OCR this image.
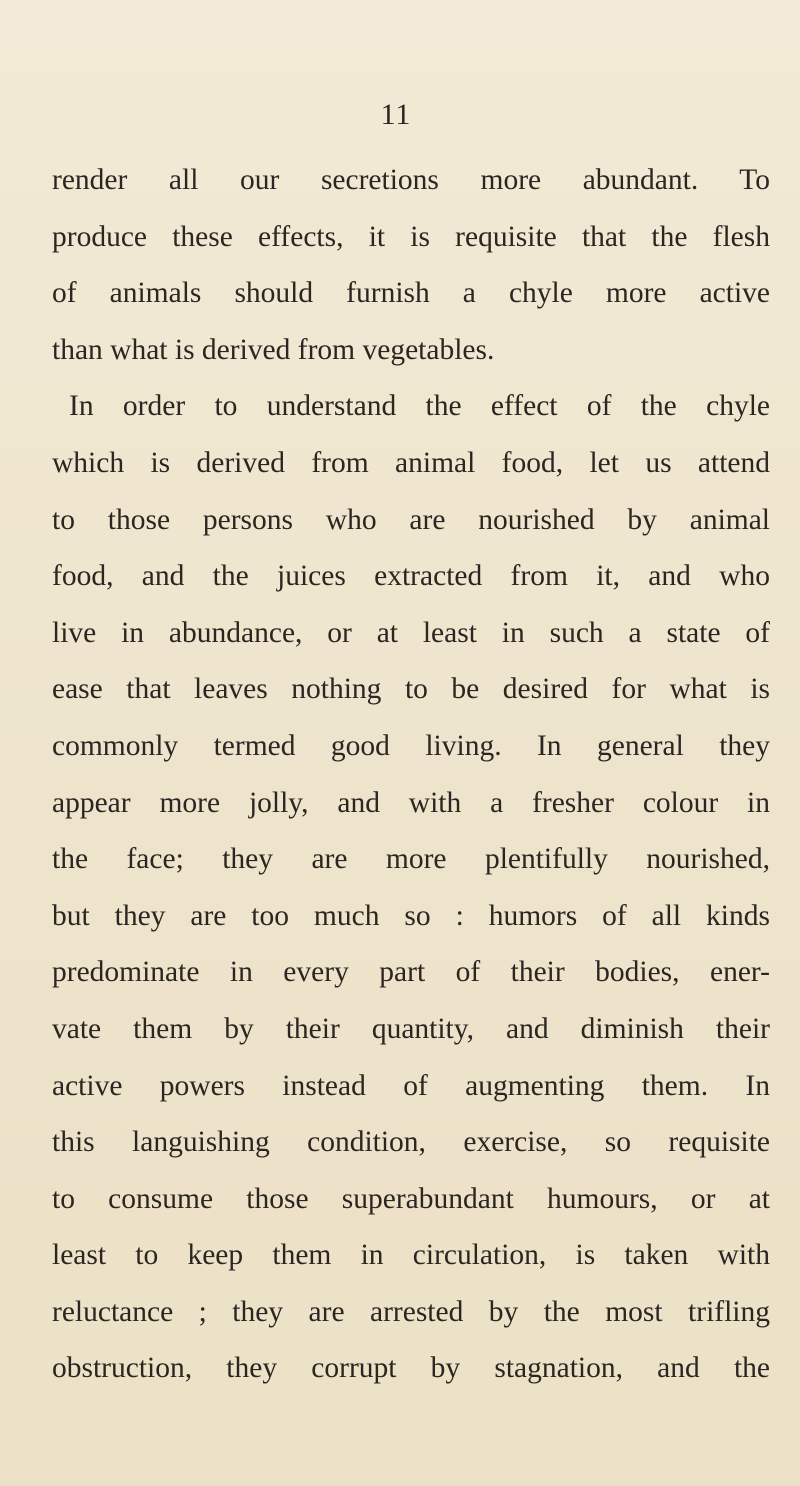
11
render all our secretions more abundant. To
produce these effects, it is requisite that the flesh
of animals should furnish a chyle more active
than what is derived from vegetables.
In order to understand the effect of the chyle
which is derived from animal food, let us attend
to those persons who are nourished by animal
food, and the juices extracted from it, and who
live in abundance, or at least in such a state of
ease that leaves nothing to be desired for what is
commonly termed good living. In general they
appear more jolly, and with a fresher colour in
the face; they are more plentifully nourished,
but they are too much so : humors of all kinds
predominate in every part of their bodies, ener-
vate them by their quantity, and diminish their
active powers instead of augmenting them. In
this languishing condition, exercise, so requisite
to consume those superabundant humours, or at
least to keep them in circulation, is taken with
reluctance ; they are arrested by the most trifling
obstruction, they corrupt by stagnation, and the
